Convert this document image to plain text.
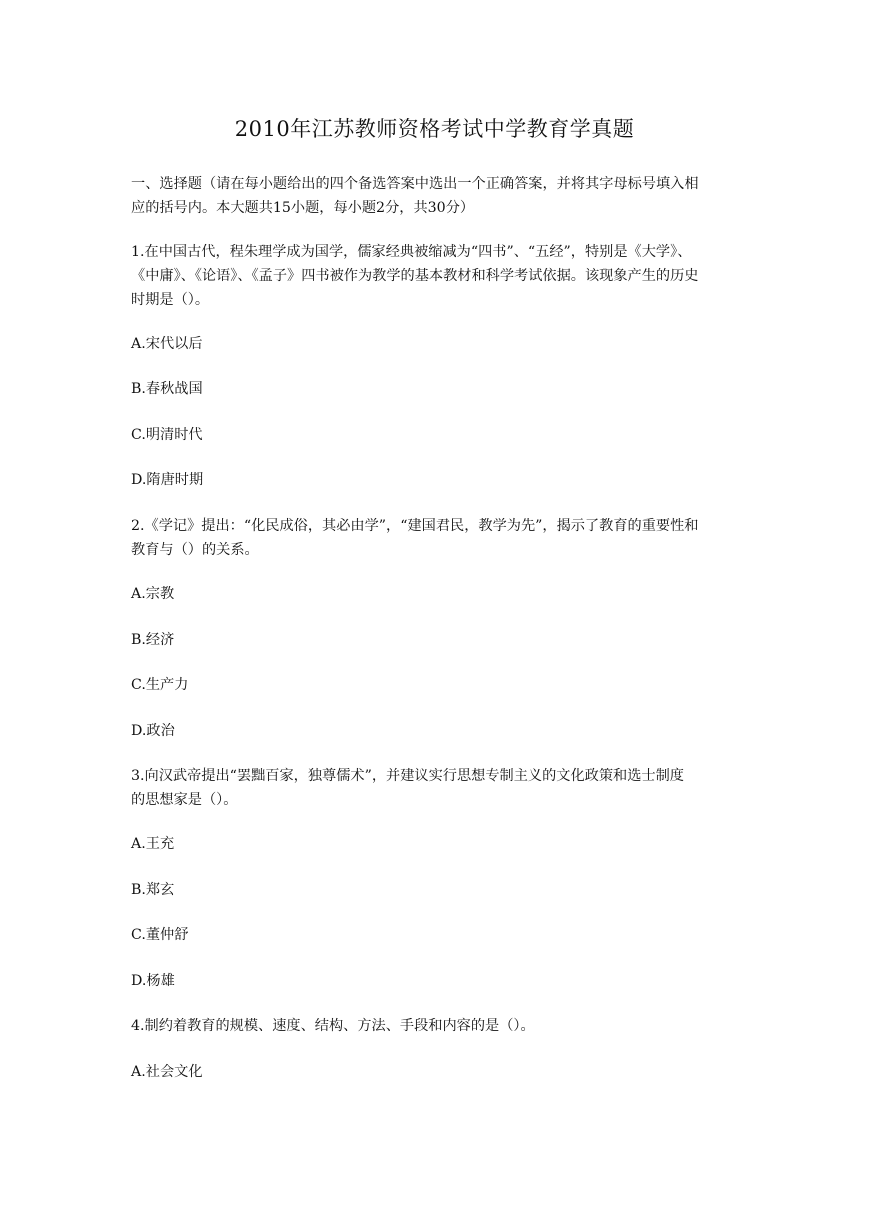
2010年江苏教师资格考试中学教育学真题
一、选择题（请在每小题给出的四个备选答案中选出一个正确答案，并将其字母标号填入相
应的括号内。本大题共15小题，每小题2分，共30分）
1.在中国古代，程朱理学成为国学，儒家经典被缩减为“四书”、“五经”，特别是《大学》、
《中庸》、《论语》、《孟子》四书被作为教学的基本教材和科学考试依据。该现象产生的历史
时期是（）。
A.宋代以后
B.春秋战国
C.明清时代
D.隋唐时期
2.《学记》提出：“化民成俗，其必由学”，“建国君民，教学为先”，揭示了教育的重要性和
教育与（）的关系。
A.宗教
B.经济
C.生产力
D.政治
3.向汉武帝提出“罢黜百家，独尊儒术”，并建议实行思想专制主义的文化政策和选士制度
的思想家是（）。
A.王充
B.郑玄
C.董仲舒
D.杨雄
4.制约着教育的规模、速度、结构、方法、手段和内容的是（）。
A.社会文化
